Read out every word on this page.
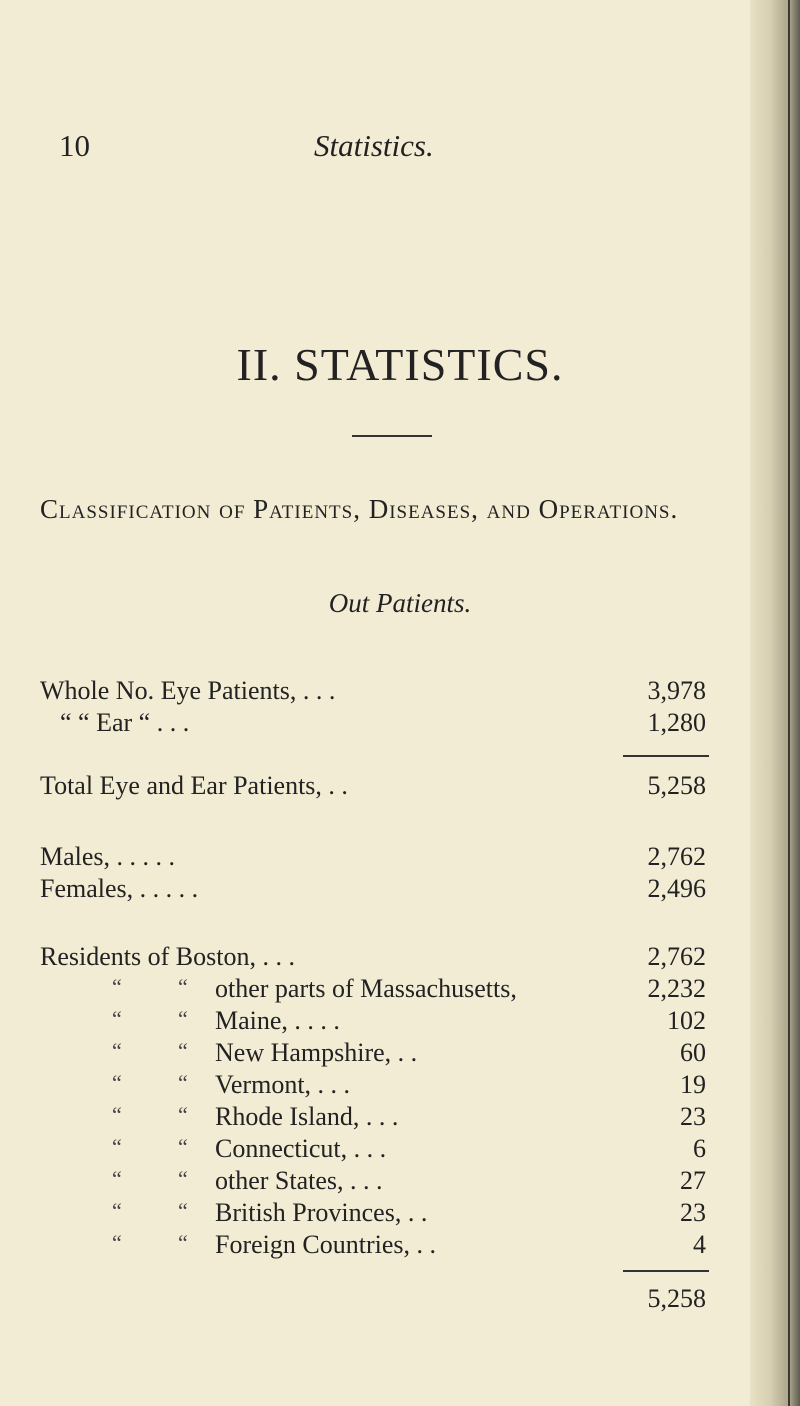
10	Statistics.
II. STATISTICS.
Classification of Patients, Diseases, and Operations.
Out Patients.
Whole No. Eye Patients, . . .	3,978
“ “ Ear “ . . .	1,280
Total Eye and Ear Patients, . .	5,258
Males, . . . . .	2,762
Females, . . . . .	2,496
Residents of Boston, . . .	2,762
“	“ other parts of Massachusetts,	2,232
“	“ Maine, . . . .	102
“	“ New Hampshire, . .	60
“	“ Vermont, . . .	19
“	“ Rhode Island, . . .	23
“	“ Connecticut, . . .	6
“	“ other States, . . .	27
“	“ British Provinces, . .	23
“	“ Foreign Countries, . .	4
5,258
